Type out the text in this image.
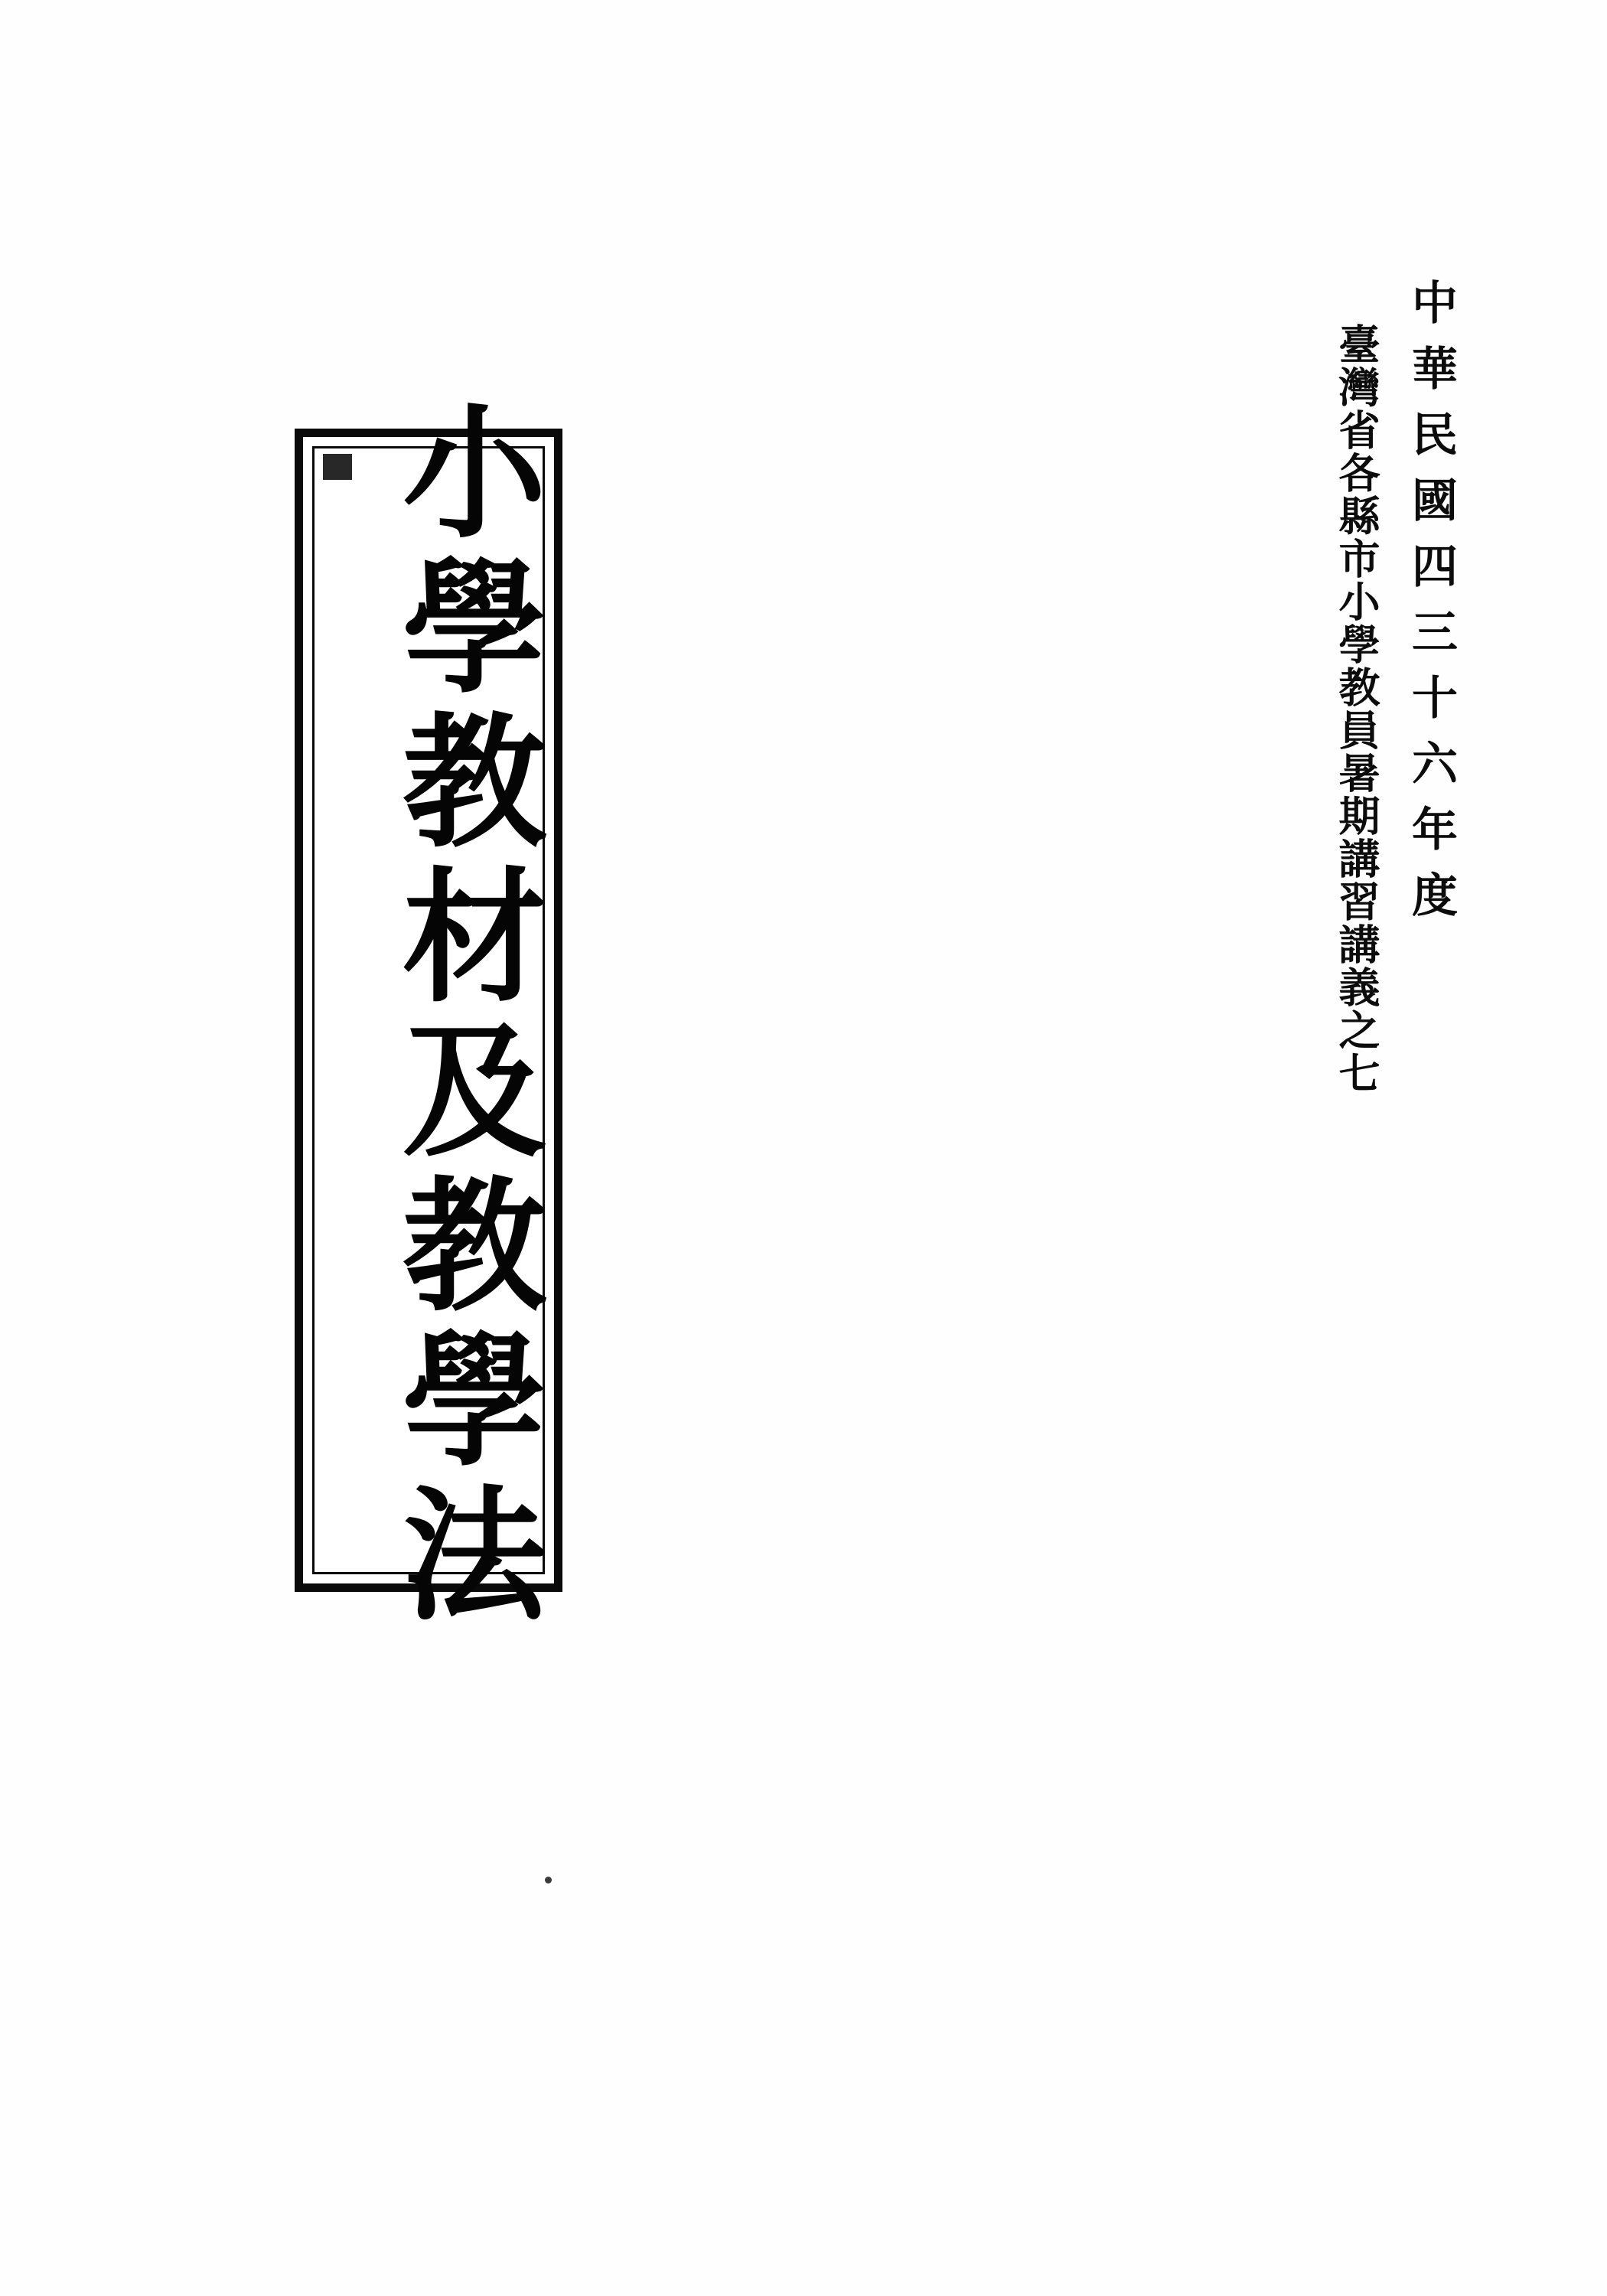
臺灣省各縣市小學教員暑期講習講義之七 中華民國四三十六年度
小學教材及教學法
